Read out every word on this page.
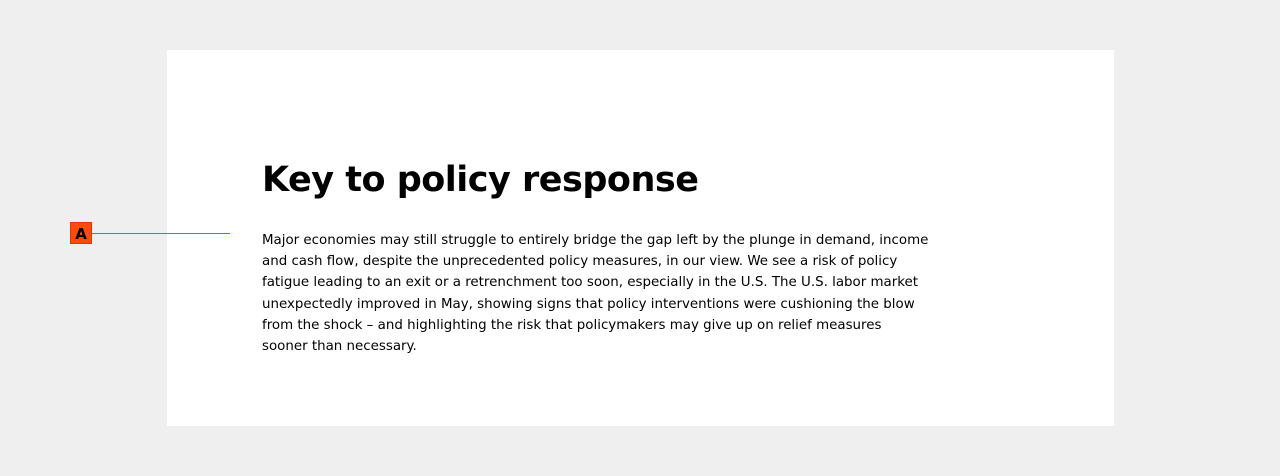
Key to policy response

Major economies may still struggle to entirely bridge the gap left by the plunge in demand, income and cash flow, despite the unprecedented policy measures, in our view. We see a risk of policy fatigue leading to an exit or a retrenchment too soon, especially in the U.S. The U.S. labor market unexpectedly improved in May, showing signs that policy interventions were cushioning the blow from the shock – and highlighting the risk that policymakers may give up on relief measures sooner than necessary.

A
